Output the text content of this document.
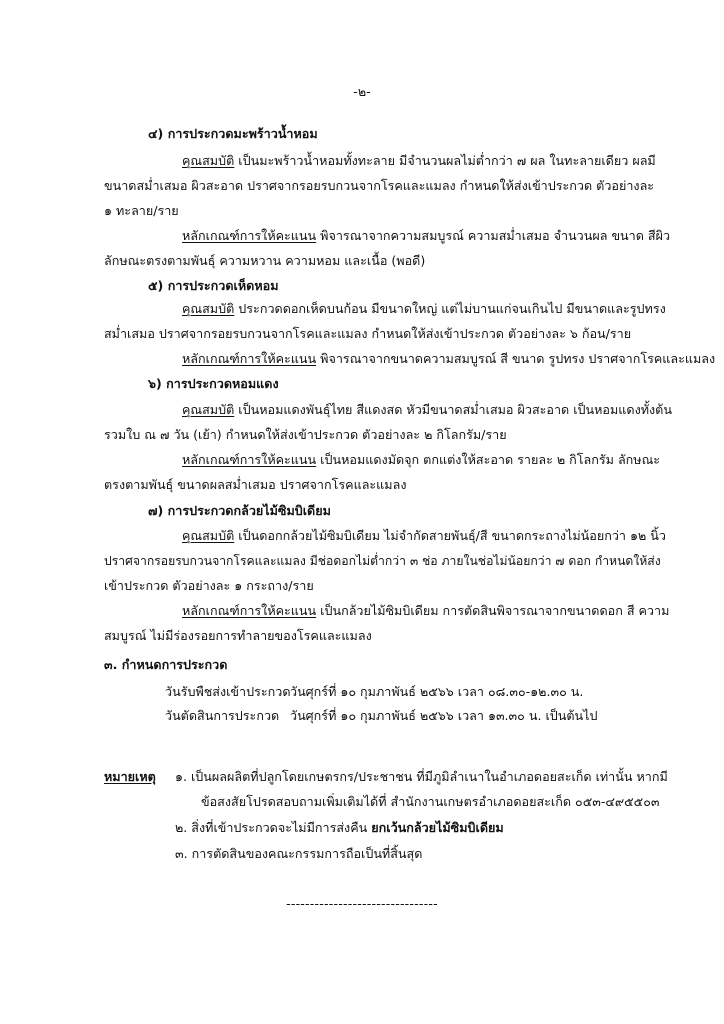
-๒-
๔) การประกวดมะพร้าวน้ำหอม
คุณสมบัติ เป็นมะพร้าวน้ำหอมทั้งทะลาย มีจำนวนผลไม่ต่ำกว่า ๗ ผล ในทะลายเดียว ผลมี
ขนาดสม่ำเสมอ ผิวสะอาด ปราศจากรอยรบกวนจากโรคและแมลง กำหนดให้ส่งเข้าประกวด ตัวอย่างละ
๑ ทะลาย/ราย
หลักเกณฑ์การให้คะแนน พิจารณาจากความสมบูรณ์ ความสม่ำเสมอ จำนวนผล ขนาด สีผิว
ลักษณะตรงตามพันธุ์ ความหวาน ความหอม และเนื้อ (พอดี)
๕) การประกวดเห็ดหอม
คุณสมบัติ ประกวดดอกเห็ดบนก้อน มีขนาดใหญ่ แต่ไม่บานแก่จนเกินไป มีขนาดและรูปทรง
สม่ำเสมอ ปราศจากรอยรบกวนจากโรคและแมลง กำหนดให้ส่งเข้าประกวด ตัวอย่างละ ๖ ก้อน/ราย
หลักเกณฑ์การให้คะแนน พิจารณาจากขนาดความสมบูรณ์ สี ขนาด รูปทรง ปราศจากโรคและแมลง
๖) การประกวดหอมแดง
คุณสมบัติ เป็นหอมแดงพันธุ์ไทย สีแดงสด หัวมีขนาดสม่ำเสมอ ผิวสะอาด เป็นหอมแดงทั้งต้น
รวมใบ ณ ๗ วัน (เย้า) กำหนดให้ส่งเข้าประกวด ตัวอย่างละ ๒ กิโลกรัม/ราย
หลักเกณฑ์การให้คะแนน เป็นหอมแดงมัดจุก ตกแต่งให้สะอาด รายละ ๒ กิโลกรัม ลักษณะ
ตรงตามพันธุ์ ขนาดผลสม่ำเสมอ ปราศจากโรคและแมลง
๗) การประกวดกล้วยไม้ซิมบิเดียม
คุณสมบัติ เป็นดอกกล้วยไม้ซิมบิเดียม ไม่จำกัดสายพันธุ์/สี ขนาดกระถางไม่น้อยกว่า ๑๒ นิ้ว
ปราศจากรอยรบกวนจากโรคและแมลง มีช่อดอกไม่ต่ำกว่า ๓ ช่อ ภายในช่อไม่น้อยกว่า ๗ ดอก กำหนดให้ส่ง
เข้าประกวด ตัวอย่างละ ๑ กระถาง/ราย
หลักเกณฑ์การให้คะแนน เป็นกล้วยไม้ซิมบิเดียม การตัดสินพิจารณาจากขนาดดอก สี ความ
สมบูรณ์ ไม่มีร่องรอยการทำลายของโรคและแมลง
๓. กำหนดการประกวด
วันรับพืชส่งเข้าประกวด วันศุกร์ที่ ๑๐ กุมภาพันธ์ ๒๕๖๖ เวลา ๐๘.๓๐-๑๒.๓๐ น.
วันตัดสินการประกวด วันศุกร์ที่ ๑๐ กุมภาพันธ์ ๒๕๖๖ เวลา ๑๓.๓๐ น. เป็นต้นไป
หมายเหตุ ๑. เป็นผลผลิตที่ปลูกโดยเกษตรกร/ประชาชน ที่มีภูมิลำเนาในอำเภอดอยสะเก็ด เท่านั้น หากมี
ข้อสงสัยโปรดสอบถามเพิ่มเติมได้ที่ สำนักงานเกษตรอำเภอดอยสะเก็ด ๐๕๓-๔๙๕๕๐๓
๒. สิ่งที่เข้าประกวดจะไม่มีการส่งคืน ยกเว้นกล้วยไม้ซิมบิเดียม
๓. การตัดสินของคณะกรรมการถือเป็นที่สิ้นสุด
--------------------------------
